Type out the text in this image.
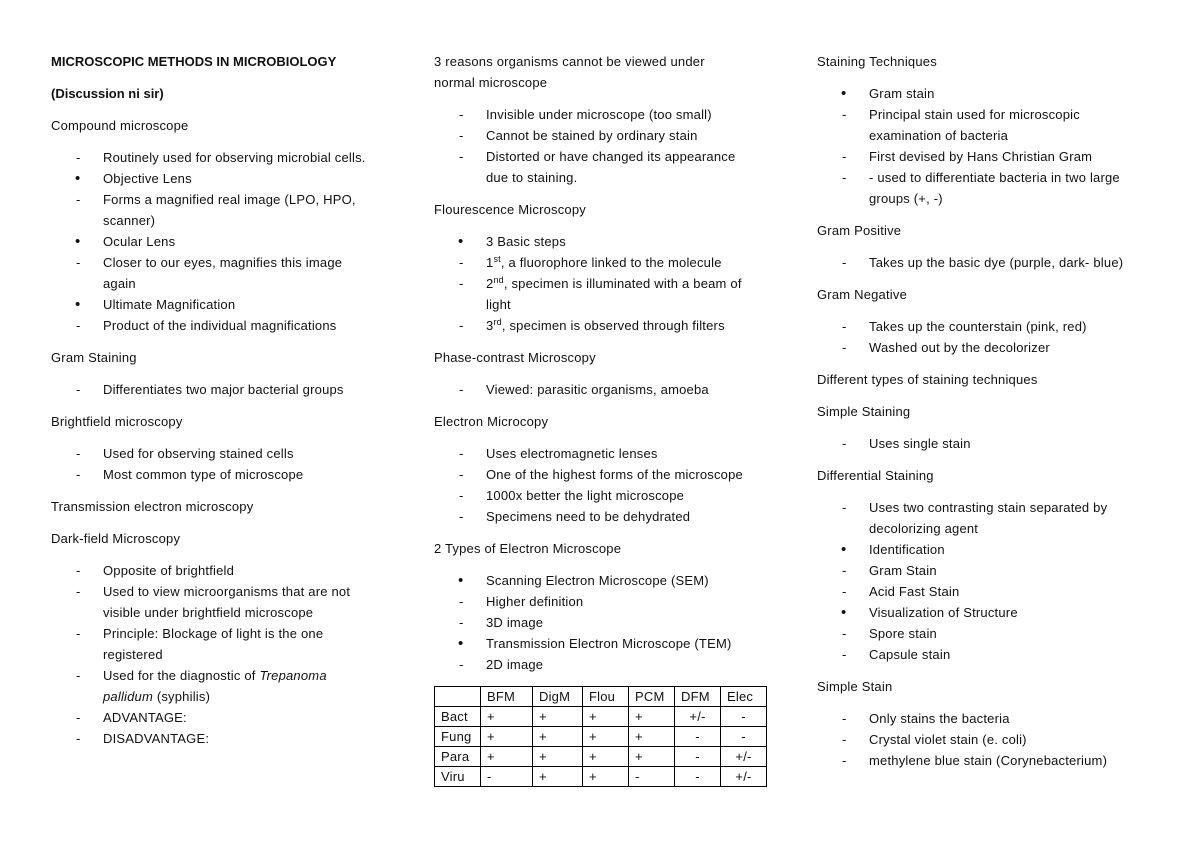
MICROSCOPIC METHODS IN MICROBIOLOGY

(Discussion ni sir)

Compound microscope

- Routinely used for observing microbial cells.
• Objective Lens
- Forms a magnified real image (LPO, HPO,
scanner)
• Ocular Lens
- Closer to our eyes, magnifies this image
again
• Ultimate Magnification
- Product of the individual magnifications

Gram Staining

- Differentiates two major bacterial groups

Brightfield microscopy

- Used for observing stained cells
- Most common type of microscope

Transmission electron microscopy

Dark-field Microscopy

- Opposite of brightfield
- Used to view microorganisms that are not
visible under brightfield microscope
- Principle: Blockage of light is the one
registered
- Used for the diagnostic of Trepanoma
pallidum (syphilis)
- ADVANTAGE:
- DISADVANTAGE:

3 reasons organisms cannot be viewed under
normal microscope

- Invisible under microscope (too small)
- Cannot be stained by ordinary stain
- Distorted or have changed its appearance
due to staining.

Flourescence Microscopy

• 3 Basic steps
- 1st, a fluorophore linked to the molecule
- 2nd, specimen is illuminated with a beam of
light
- 3rd, specimen is observed through filters

Phase-contrast Microscopy

- Viewed: parasitic organisms, amoeba

Electron Microcopy

- Uses electromagnetic lenses
- One of the highest forms of the microscope
- 1000x better the light microscope
- Specimens need to be dehydrated

2 Types of Electron Microscope

• Scanning Electron Microscope (SEM)
- Higher definition
- 3D image
• Transmission Electron Microscope (TEM)
- 2D image
	BFM	DigM	Flou	PCM	DFM	Elec
Bact	+	+	+	+	+/-	-
Fung	+	+	+	+	-	-
Para	+	+	+	+	-	+/-
Viru	-	+	+	-	-	+/-

Staining Techniques

• Gram stain
- Principal stain used for microscopic
examination of bacteria
- First devised by Hans Christian Gram
- - used to differentiate bacteria in two large
groups (+, -)

Gram Positive

- Takes up the basic dye (purple, dark- blue)

Gram Negative

- Takes up the counterstain (pink, red)
- Washed out by the decolorizer

Different types of staining techniques

Simple Staining

- Uses single stain

Differential Staining

- Uses two contrasting stain separated by
decolorizing agent
• Identification
- Gram Stain
- Acid Fast Stain
• Visualization of Structure
- Spore stain
- Capsule stain

Simple Stain

- Only stains the bacteria
- Crystal violet stain (e. coli)
- methylene blue stain (Corynebacterium)
